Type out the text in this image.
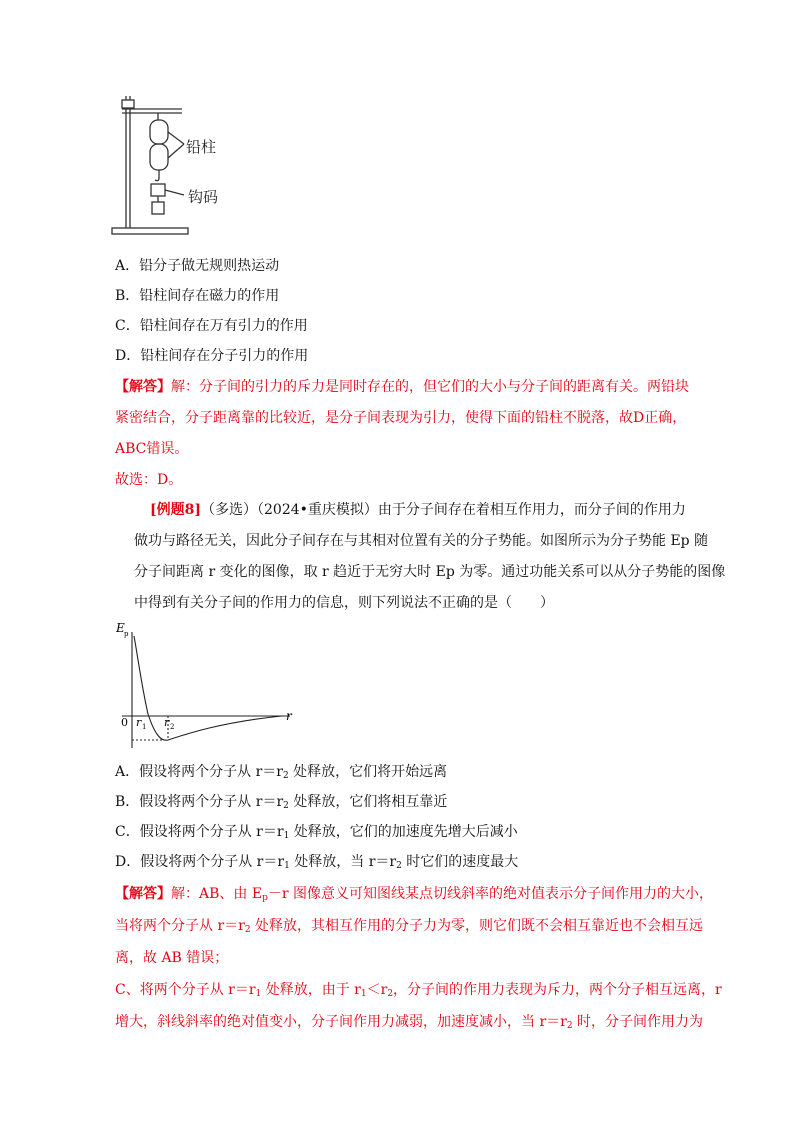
铅柱
钩码
A．铅分子做无规则热运动
B．铅柱间存在磁力的作用
C．铅柱间存在万有引力的作用
D．铅柱间存在分子引力的作用
【解答】解：分子间的引力的斥力是同时存在的，但它们的大小与分子间的距离有关。两铅块
紧密结合，分子距离靠的比较近，是分子间表现为引力，使得下面的铅柱不脱落，故D正确，
ABC错误。
故选：D。
[例题8]（多选）（2024•重庆模拟）由于分子间存在着相互作用力，而分子间的作用力
做功与路径无关，因此分子间存在与其相对位置有关的分子势能。如图所示为分子势能 Ep 随
分子间距离 r 变化的图像，取 r 趋近于无穷大时 Ep 为零。通过功能关系可以从分子势能的图像
中得到有关分子间的作用力的信息，则下列说法不正确的是（　　）
E p
0 r 1 r 2
r
A．假设将两个分子从 $r=r_2$ 处释放，它们将开始远离
B．假设将两个分子从 $r=r_2$ 处释放，它们将相互靠近
C．假设将两个分子从 $r=r_1$ 处释放，它们的加速度先增大后减小
D．假设将两个分子从 $r=r_1$ 处释放，当 $r=r_2$ 时它们的速度最大
【解答】解：AB、由 $E_p-r$ 图像意义可知图线某点切线斜率的绝对值表示分子间作用力的大小，
当将两个分子从 $r=r_2$ 处释放，其相互作用的分子力为零，则它们既不会相互靠近也不会相互远
离，故 AB 错误；
C、将两个分子从 $r=r_1$ 处释放，由于 $r_1<r_2$，分子间的作用力表现为斥力，两个分子相互远离，r
增大，斜线斜率的绝对值变小，分子间作用力减弱，加速度减小，当 $r=r_2$ 时，分子间作用力为
